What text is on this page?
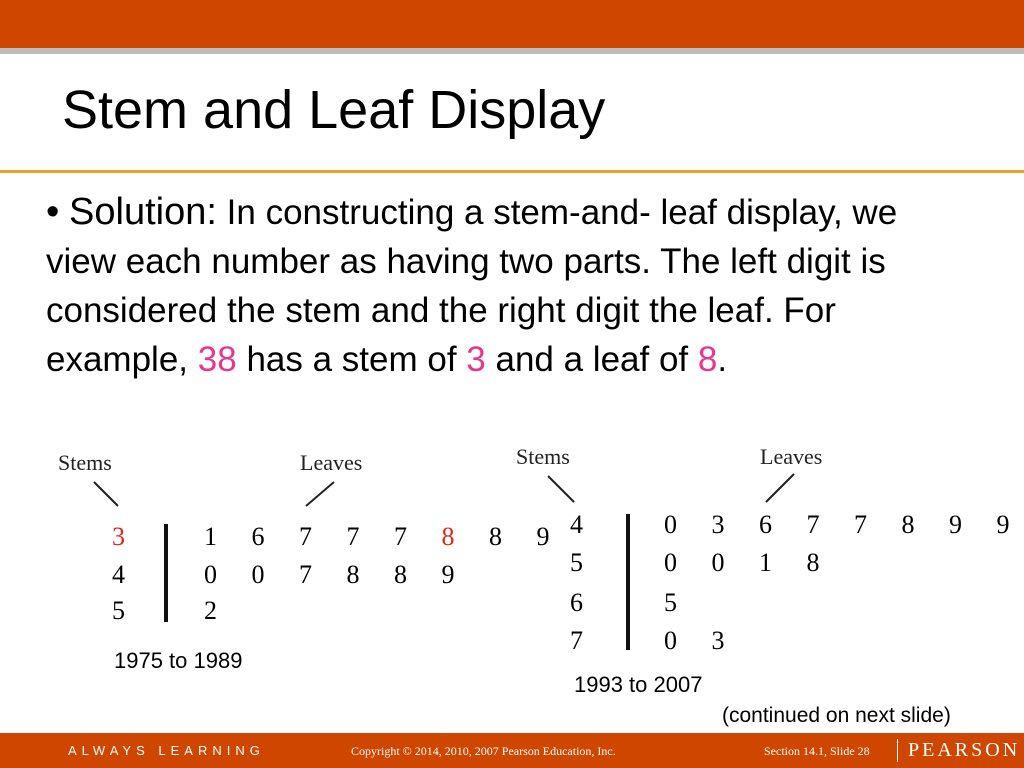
Stem and Leaf Display
• Solution: In constructing a stem-and- leaf display, we view each number as having two parts. The left digit is considered the stem and the right digit the leaf. For example, 38 has a stem of 3 and a leaf of 8.
Stems	Leaves
3	1 6 7 7 7 8 8 9
4	0 0 7 8 8 9
5	2
1975 to 1989
Stems	Leaves
4	0 3 6 7 7 8 9 9
5	0 0 1 8
6	5
7	0 3
1993 to 2007
(continued on next slide)
ALWAYS LEARNING	Copyright © 2014, 2010, 2007 Pearson Education, Inc.	Section 14.1, Slide 28 PEARSON
